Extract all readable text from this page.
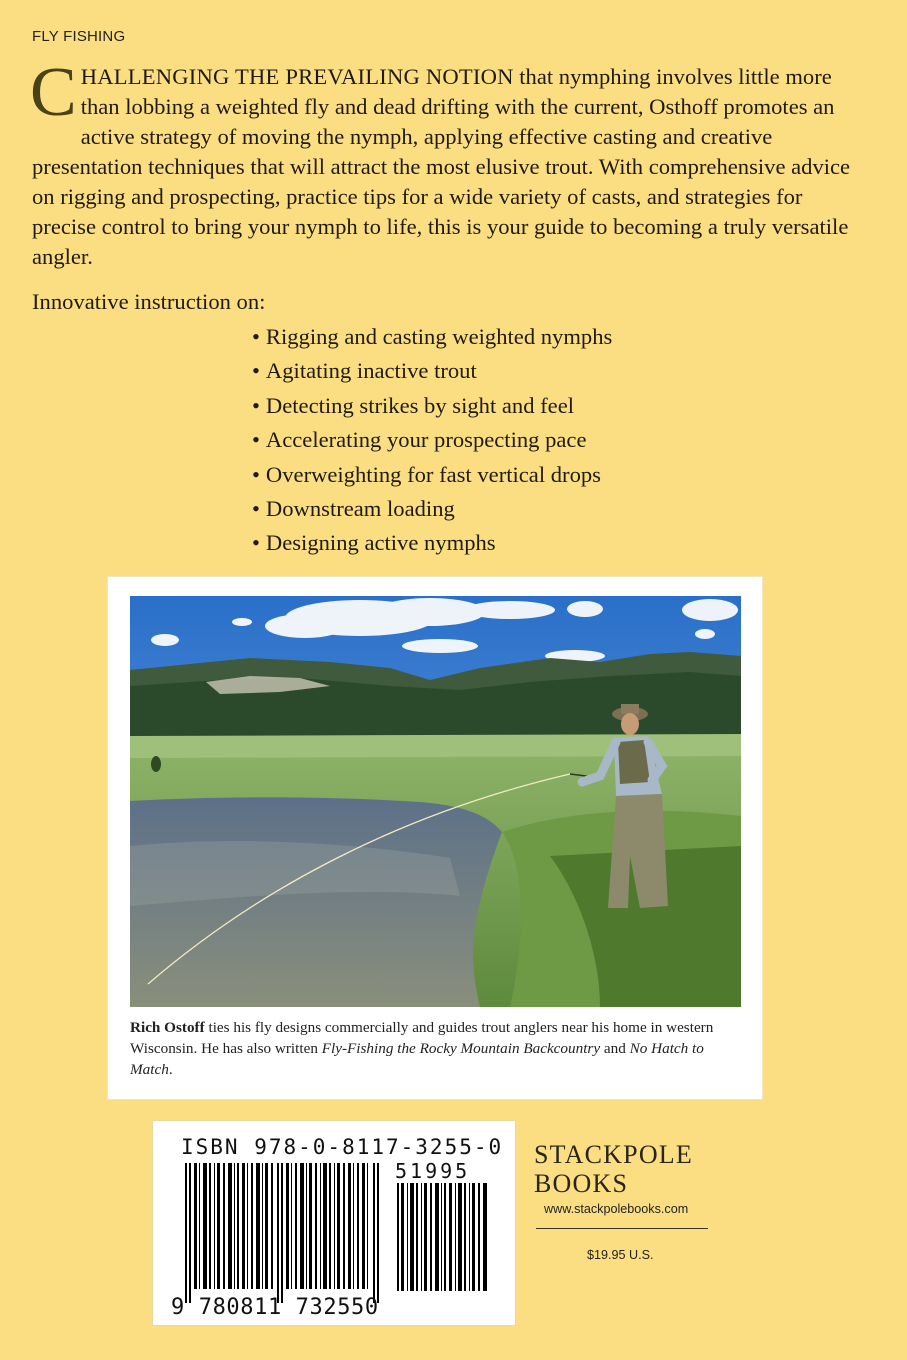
FLY FISHING

CHALLENGING THE PREVAILING NOTION that nymphing involves little more than lobbing a weighted fly and dead drifting with the current, Osthoff promotes an active strategy of moving the nymph, applying effective casting and creative presentation techniques that will attract the most elusive trout. With comprehensive advice on rigging and prospecting, practice tips for a wide variety of casts, and strategies for precise control to bring your nymph to life, this is your guide to becoming a truly versatile angler.

Innovative instruction on:

• Rigging and casting weighted nymphs
• Agitating inactive trout
• Detecting strikes by sight and feel
• Accelerating your prospecting pace
• Overweighting for fast vertical drops
• Downstream loading
• Designing active nymphs

Rich Ostoff ties his fly designs commercially and guides trout anglers near his home in western Wisconsin. He has also written Fly-Fishing the Rocky Mountain Backcountry and No Hatch to Match.

ISBN 978-0-8117-3255-0
51995
9 780811 732550
STACKPOLE
BOOKS
www.stackpolebooks.com
$19.95 U.S.
